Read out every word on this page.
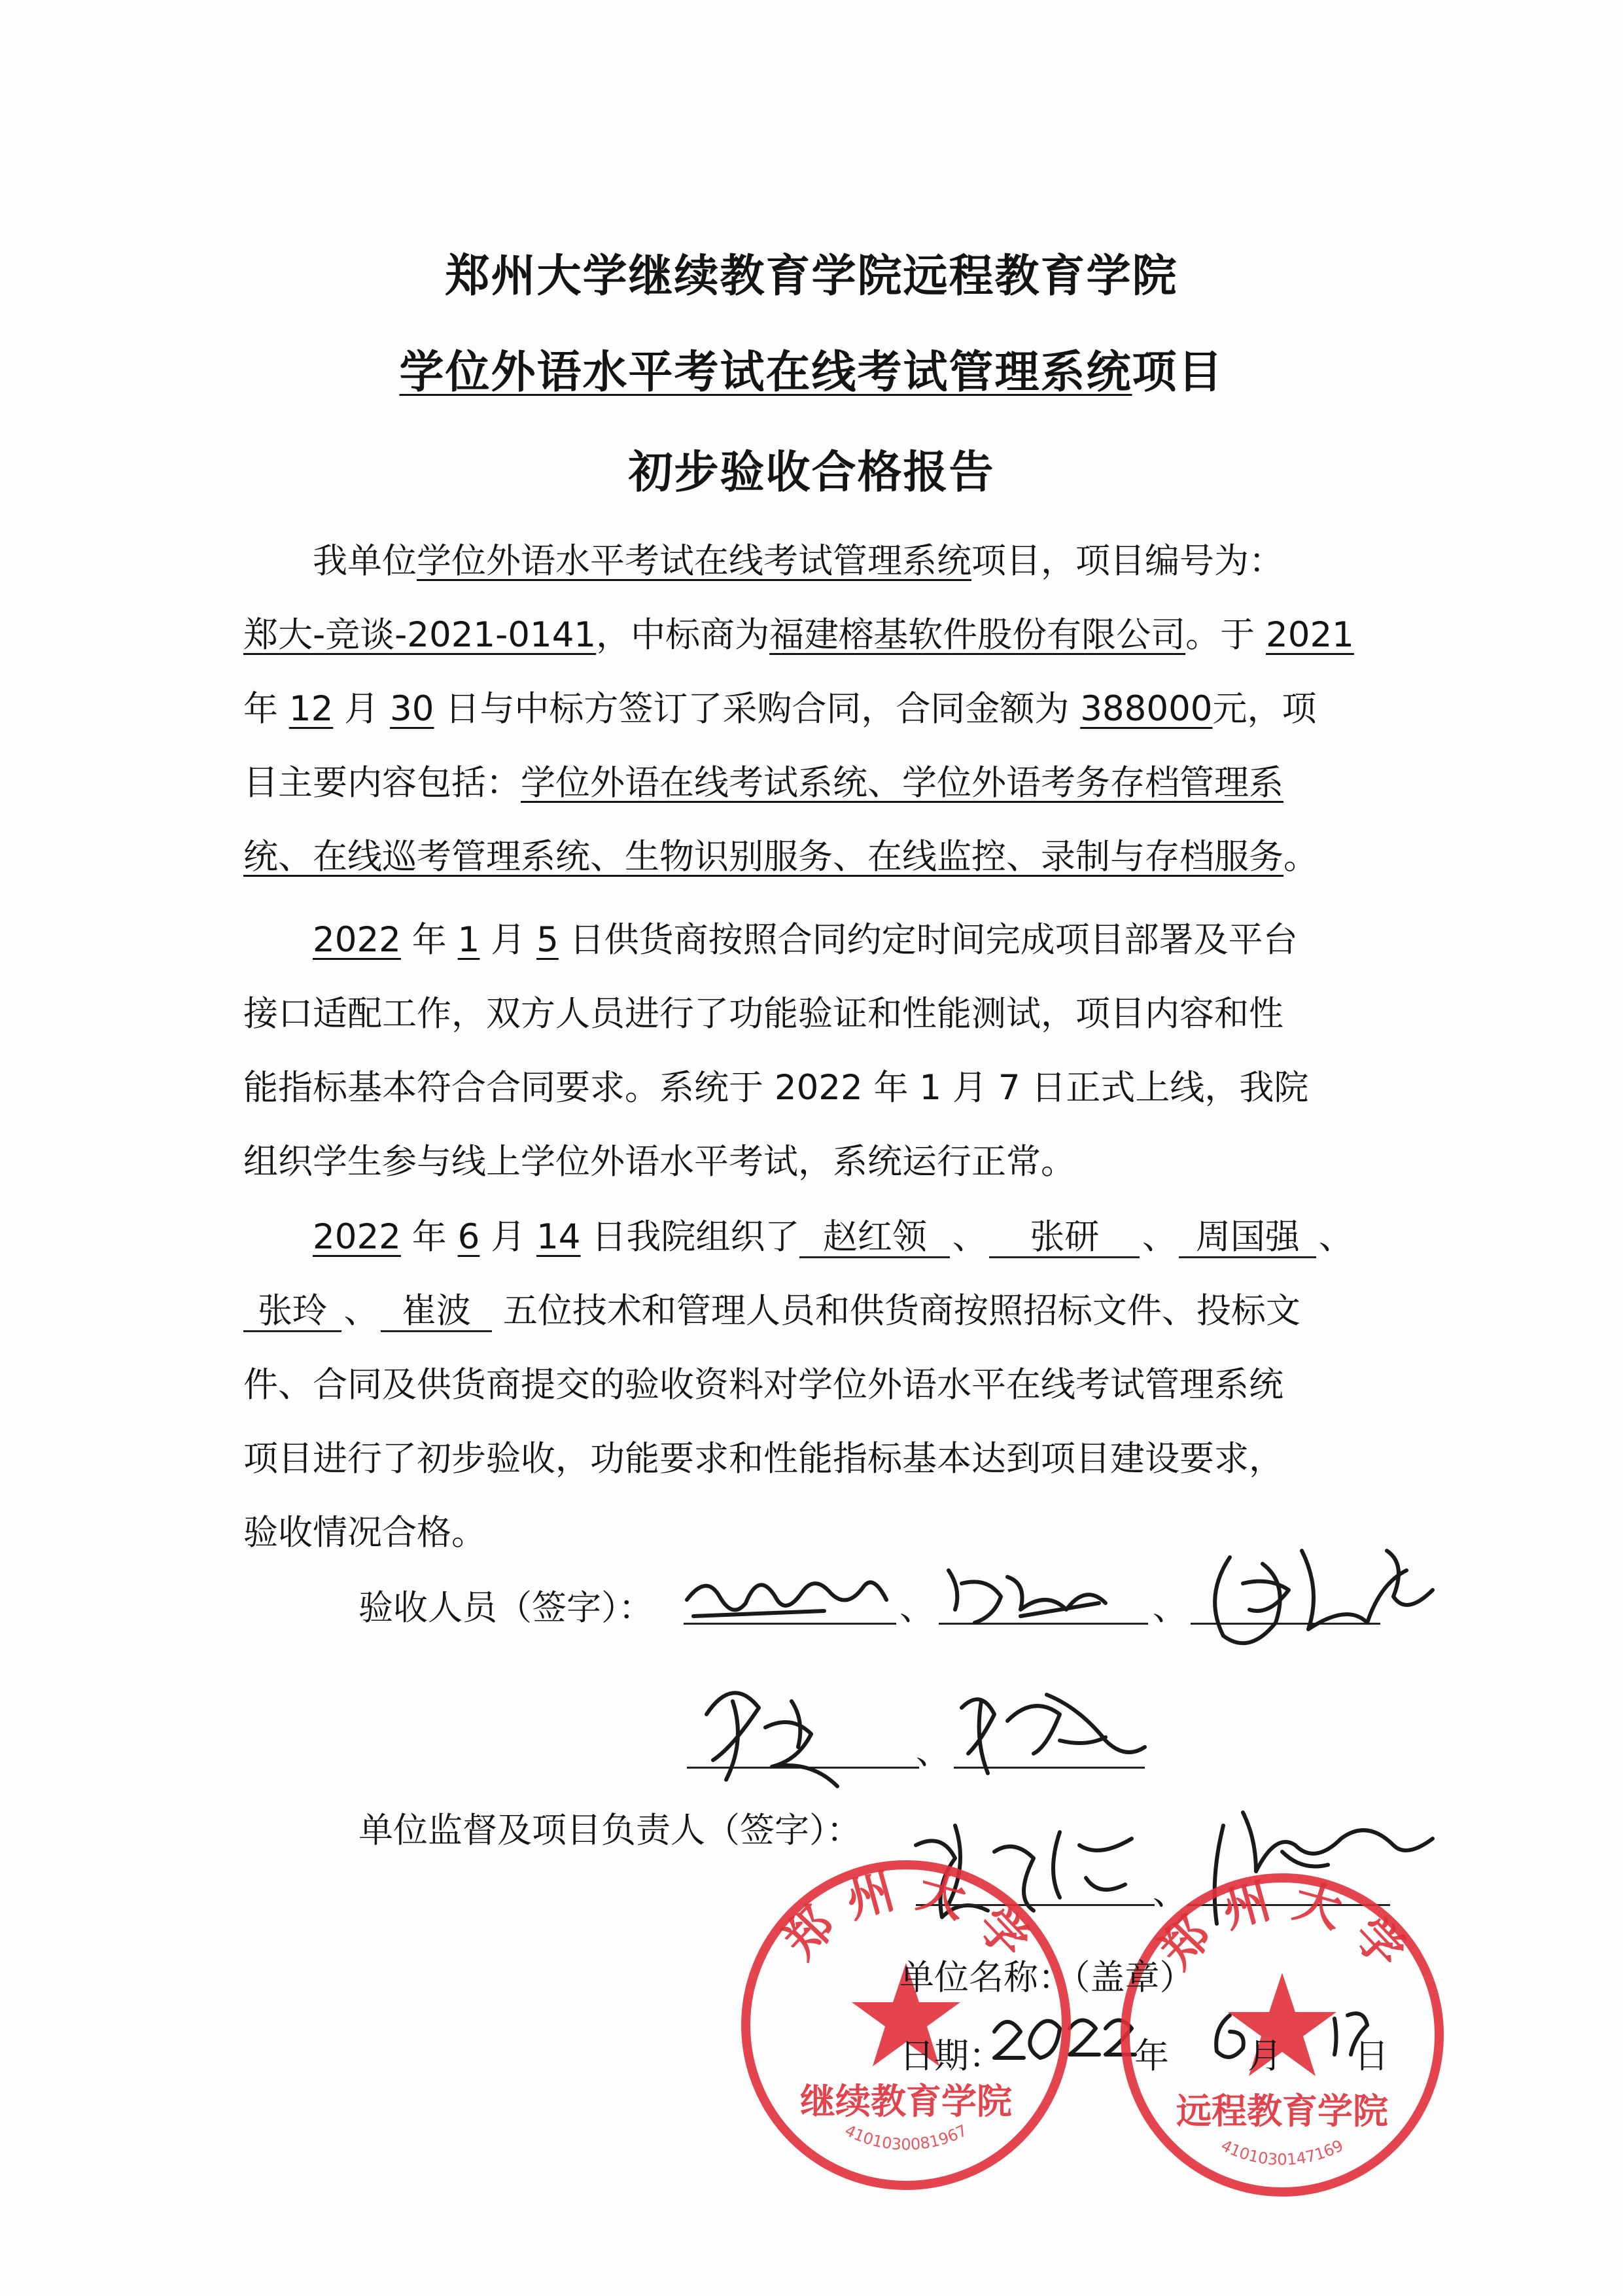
郑州大学继续教育学院远程教育学院
学位外语水平考试在线考试管理系统项目
初步验收合格报告
我单位学位外语水平考试在线考试管理系统项目，项目编号为：
郑大-竞谈-2021-0141，中标商为福建榕基软件股份有限公司。于 2021
年 12 月 30 日与中标方签订了采购合同，合同金额为 388000元，项
目主要内容包括：学位外语在线考试系统、学位外语考务存档管理系
统、在线巡考管理系统、生物识别服务、在线监控、录制与存档服务。
2022 年 1 月 5 日供货商按照合同约定时间完成项目部署及平台
接口适配工作，双方人员进行了功能验证和性能测试，项目内容和性
能指标基本符合合同要求。系统于 2022 年 1 月 7 日正式上线，我院
组织学生参与线上学位外语水平考试，系统运行正常。
2022 年 6 月 14 日我院组织了 赵红领 、 张研 、 周国强 、
张玲 、 崔波 五位技术和管理人员和供货商按照招标文件、投标文
件、合同及供货商提交的验收资料对学位外语水平在线考试管理系统
项目进行了初步验收，功能要求和性能指标基本达到项目建设要求，
验收情况合格。
验收人员（签字）：	、	、
、
单位监督及项目负责人（签字）：
、
郑 州 大 学
继续教育学院
4101030081967
郑 州 大 学
远程教育学院
4101030147169
单位名称：（盖章）
日期：	年 月 日
